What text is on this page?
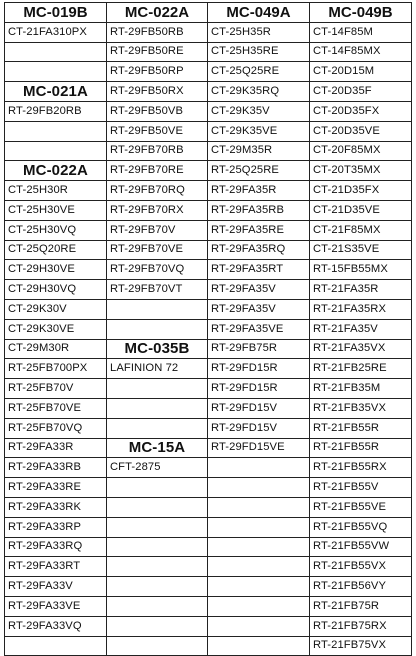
MC-019B	MC-022A	MC-049A	MC-049B
CT-21FA310PX	RT-29FB50RB	CT-25H35R	CT-14F85M
	RT-29FB50RE	CT-25H35RE	CT-14F85MX
	RT-29FB50RP	CT-25Q25RE	CT-20D15M
MC-021A	RT-29FB50RX	CT-29K35RQ	CT-20D35F
RT-29FB20RB	RT-29FB50VB	CT-29K35V	CT-20D35FX
	RT-29FB50VE	CT-29K35VE	CT-20D35VE
	RT-29FB70RB	CT-29M35R	CT-20F85MX
MC-022A	RT-29FB70RE	RT-25Q25RE	CT-20T35MX
CT-25H30R	RT-29FB70RQ	RT-29FA35R	CT-21D35FX
CT-25H30VE	RT-29FB70RX	RT-29FA35RB	CT-21D35VE
CT-25H30VQ	RT-29FB70V	RT-29FA35RE	CT-21F85MX
CT-25Q20RE	RT-29FB70VE	RT-29FA35RQ	CT-21S35VE
CT-29H30VE	RT-29FB70VQ	RT-29FA35RT	RT-15FB55MX
CT-29H30VQ	RT-29FB70VT	RT-29FA35V	RT-21FA35R
CT-29K30V		RT-29FA35V	RT-21FA35RX
CT-29K30VE		RT-29FA35VE	RT-21FA35V
CT-29M30R	MC-035B	RT-29FB75R	RT-21FA35VX
RT-25FB700PX	LAFINION 72	RT-29FD15R	RT-21FB25RE
RT-25FB70V		RT-29FD15R	RT-21FB35M
RT-25FB70VE		RT-29FD15V	RT-21FB35VX
RT-25FB70VQ		RT-29FD15V	RT-21FB55R
RT-29FA33R	MC-15A	RT-29FD15VE	RT-21FB55R
RT-29FA33RB	CFT-2875		RT-21FB55RX
RT-29FA33RE			RT-21FB55V
RT-29FA33RK			RT-21FB55VE
RT-29FA33RP			RT-21FB55VQ
RT-29FA33RQ			RT-21FB55VW
RT-29FA33RT			RT-21FB55VX
RT-29FA33V			RT-21FB56VY
RT-29FA33VE			RT-21FB75R
RT-29FA33VQ			RT-21FB75RX
			RT-21FB75VX
